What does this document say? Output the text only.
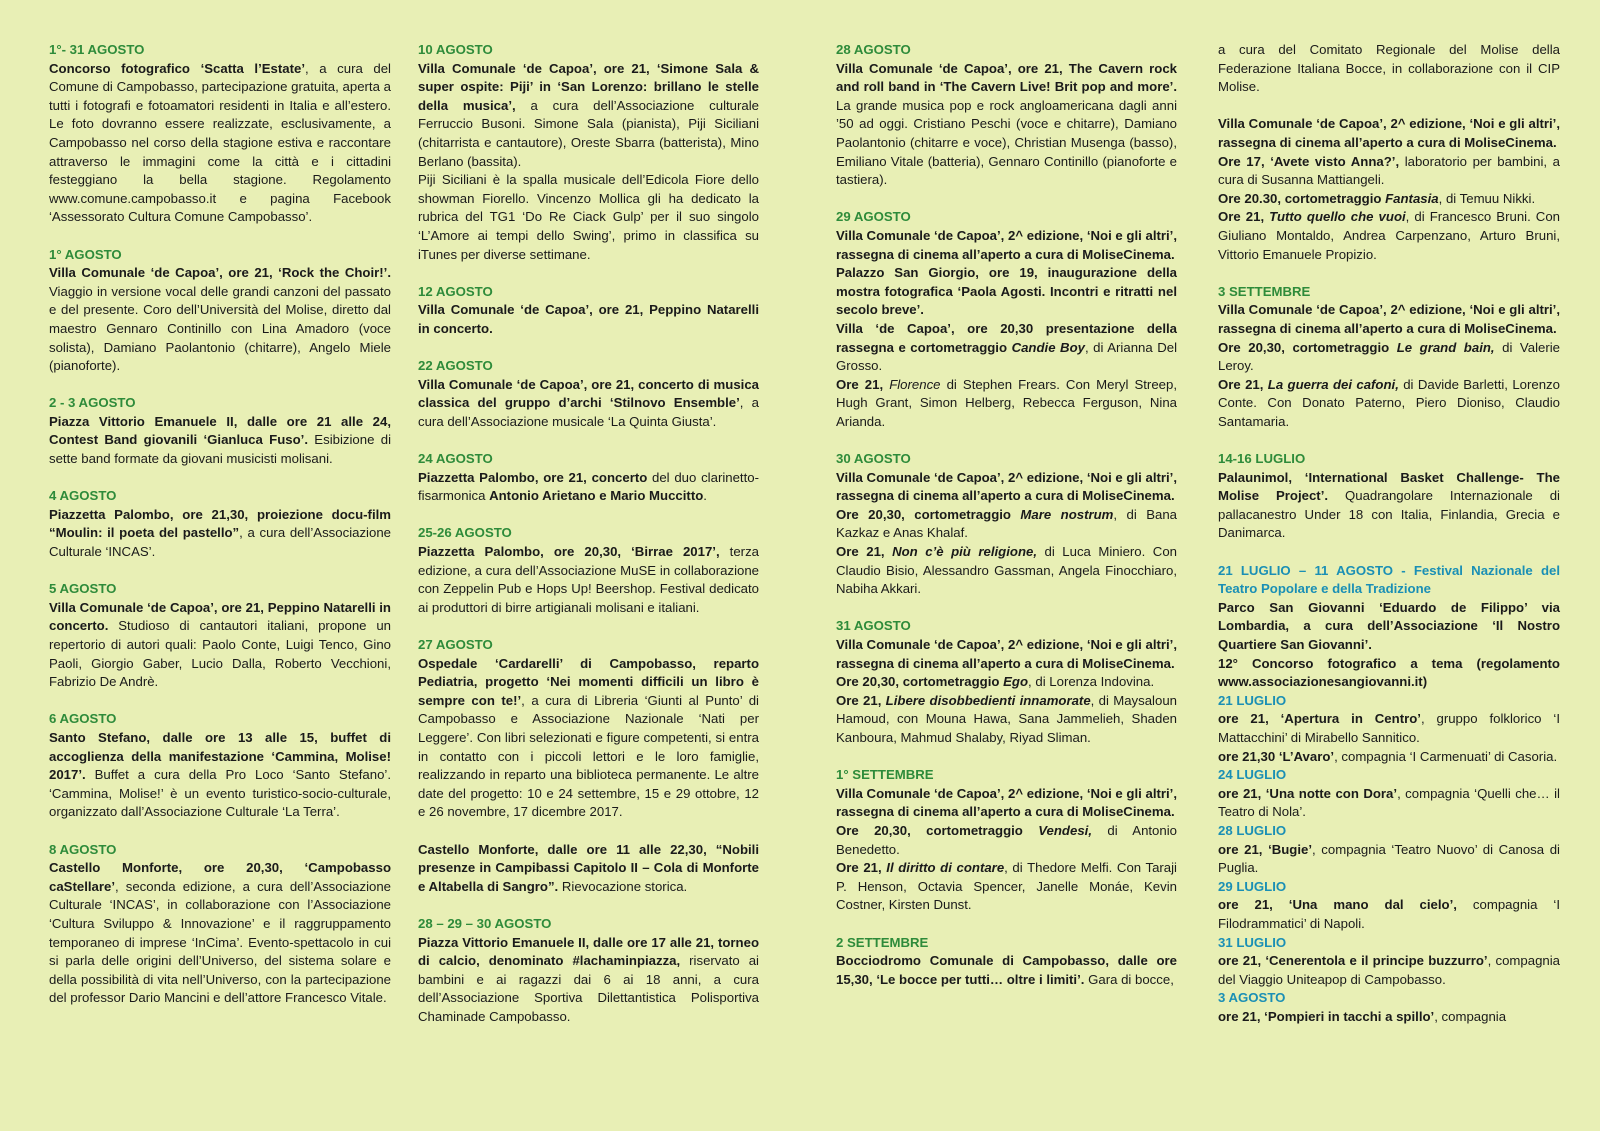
1°- 31 AGOSTO

Concorso fotografico ‘Scatta l’Estate’, a cura del Comune di Campobasso, partecipazione gratuita, aperta a tutti i fotografi e fotoamatori residenti in Italia e all’estero. Le foto dovranno essere realizzate, esclusivamente, a Campobasso nel corso della stagione estiva e raccontare attraverso le immagini come la città e i cittadini festeggiano la bella stagione. Regolamento www.comune.campobasso.it e pagina Facebook ‘Assessorato Cultura Comune Campobasso’.

1° AGOSTO

Villa Comunale ‘de Capoa’, ore 21, ‘Rock the Choir!’. Viaggio in versione vocal delle grandi canzoni del passato e del presente. Coro dell’Università del Molise, diretto dal maestro Gennaro Continillo con Lina Amadoro (voce solista), Damiano Paolantonio (chitarre), Angelo Miele (pianoforte).

2 - 3 AGOSTO

Piazza Vittorio Emanuele II, dalle ore 21 alle 24, Contest Band giovanili ‘Gianluca Fuso’. Esibizione di sette band formate da giovani musicisti molisani.

4 AGOSTO

Piazzetta Palombo, ore 21,30, proiezione docu-film “Moulin: il poeta del pastello”, a cura dell’Associazione Culturale ‘INCAS’.

5 AGOSTO

Villa Comunale ‘de Capoa’, ore 21, Peppino Natarelli in concerto. Studioso di cantautori italiani, propone un repertorio di autori quali: Paolo Conte, Luigi Tenco, Gino Paoli, Giorgio Gaber, Lucio Dalla, Roberto Vecchioni, Fabrizio De Andrè.

6 AGOSTO

Santo Stefano, dalle ore 13 alle 15, buffet di accoglienza della manifestazione ‘Cammina, Molise! 2017’. Buffet a cura della Pro Loco ‘Santo Stefano’. ‘Cammina, Molise!’ è un evento turistico-socio-culturale, organizzato dall’Associazione Culturale ‘La Terra’.

8 AGOSTO

Castello Monforte, ore 20,30, ‘Campobasso caStellare’, seconda edizione, a cura dell’Associazione Culturale ‘INCAS’, in collaborazione con l’Associazione ‘Cultura Sviluppo & Innovazione’ e il raggruppamento temporaneo di imprese ‘InCima’. Evento-spettacolo in cui si parla delle origini dell’Universo, del sistema solare e della possibilità di vita nell’Universo, con la partecipazione del professor Dario Mancini e dell’attore Francesco Vitale.

10 AGOSTO

Villa Comunale ‘de Capoa’, ore 21, ‘Simone Sala & super ospite: Piji’ in ‘San Lorenzo: brillano le stelle della musica’, a cura dell’Associazione culturale Ferruccio Busoni. Simone Sala (pianista), Piji Siciliani (chitarrista e cantautore), Oreste Sbarra (batterista), Mino Berlano (bassita).

Piji Siciliani è la spalla musicale dell’Edicola Fiore dello showman Fiorello. Vincenzo Mollica gli ha dedicato la rubrica del TG1 ‘Do Re Ciack Gulp’ per il suo singolo ‘L’Amore ai tempi dello Swing’, primo in classifica su iTunes per diverse settimane.

12 AGOSTO

Villa Comunale ‘de Capoa’, ore 21, Peppino Natarelli in concerto.

22 AGOSTO

Villa Comunale ‘de Capoa’, ore 21, concerto di musica classica del gruppo d’archi ‘Stilnovo Ensemble’, a cura dell’Associazione musicale ‘La Quinta Giusta’.

24 AGOSTO

Piazzetta Palombo, ore 21, concerto del duo clarinetto-fisarmonica Antonio Arietano e Mario Muccitto.

25-26 AGOSTO

Piazzetta Palombo, ore 20,30, ‘Birrae 2017’, terza edizione, a cura dell’Associazione MuSE in collaborazione con Zeppelin Pub e Hops Up! Beershop. Festival dedicato ai produttori di birre artigianali molisani e italiani.

27 AGOSTO

Ospedale ‘Cardarelli’ di Campobasso, reparto Pediatria, progetto ‘Nei momenti difficili un libro è sempre con te!’, a cura di Libreria ‘Giunti al Punto’ di Campobasso e Associazione Nazionale ‘Nati per Leggere’. Con libri selezionati e figure competenti, si entra in contatto con i piccoli lettori e le loro famiglie, realizzando in reparto una biblioteca permanente. Le altre date del progetto: 10 e 24 settembre, 15 e 29 ottobre, 12 e 26 novembre, 17 dicembre 2017.

Castello Monforte, dalle ore 11 alle 22,30, “Nobili presenze in Campibassi Capitolo II – Cola di Monforte e Altabella di Sangro”. Rievocazione storica.

28 – 29 – 30 AGOSTO

Piazza Vittorio Emanuele II, dalle ore 17 alle 21, torneo di calcio, denominato #lachaminpiazza, riservato ai bambini e ai ragazzi dai 6 ai 18 anni, a cura dell’Associazione Sportiva Dilettantistica Polisportiva Chaminade Campobasso.

28 AGOSTO

Villa Comunale ‘de Capoa’, ore 21, The Cavern rock and roll band in ‘The Cavern Live! Brit pop and more’. La grande musica pop e rock angloamericana dagli anni ’50 ad oggi. Cristiano Peschi (voce e chitarre), Damiano Paolantonio (chitarre e voce), Christian Musenga (basso), Emiliano Vitale (batteria), Gennaro Continillo (pianoforte e tastiera).

29 AGOSTO

Villa Comunale ‘de Capoa’, 2^ edizione, ‘Noi e gli altri’, rassegna di cinema all’aperto a cura di MoliseCinema.

Palazzo San Giorgio, ore 19, inaugurazione della mostra fotografica ‘Paola Agosti. Incontri e ritratti nel secolo breve’.

Villa ‘de Capoa’, ore 20,30 presentazione della rassegna e cortometraggio Candie Boy, di Arianna Del Grosso.

Ore 21, Florence di Stephen Frears. Con Meryl Streep, Hugh Grant, Simon Helberg, Rebecca Ferguson, Nina Arianda.

30 AGOSTO

Villa Comunale ‘de Capoa’, 2^ edizione, ‘Noi e gli altri’, rassegna di cinema all’aperto a cura di MoliseCinema.

Ore 20,30, cortometraggio Mare nostrum, di Bana Kazkaz e Anas Khalaf.

Ore 21, Non c’è più religione, di Luca Miniero. Con Claudio Bisio, Alessandro Gassman, Angela Finocchiaro, Nabiha Akkari.

31 AGOSTO

Villa Comunale ‘de Capoa’, 2^ edizione, ‘Noi e gli altri’, rassegna di cinema all’aperto a cura di MoliseCinema.

Ore 20,30, cortometraggio Ego, di Lorenza Indovina.

Ore 21, Libere disobbedienti innamorate, di Maysaloun Hamoud, con Mouna Hawa, Sana Jammelieh, Shaden Kanboura, Mahmud Shalaby, Riyad Sliman.

1° SETTEMBRE

Villa Comunale ‘de Capoa’, 2^ edizione, ‘Noi e gli altri’, rassegna di cinema all’aperto a cura di MoliseCinema.

Ore 20,30, cortometraggio Vendesi, di Antonio Benedetto.

Ore 21, Il diritto di contare, di Thedore Melfi. Con Taraji P. Henson, Octavia Spencer, Janelle Monáe, Kevin Costner, Kirsten Dunst.

2 SETTEMBRE

Bocciodromo Comunale di Campobasso, dalle ore 15,30, ‘Le bocce per tutti… oltre i limiti’. Gara di bocce,

a cura del Comitato Regionale del Molise della Federazione Italiana Bocce, in collaborazione con il CIP Molise.

Villa Comunale ‘de Capoa’, 2^ edizione, ‘Noi e gli altri’, rassegna di cinema all’aperto a cura di MoliseCinema.

Ore 17, ‘Avete visto Anna?’, laboratorio per bambini, a cura di Susanna Mattiangeli.

Ore 20.30, cortometraggio Fantasia, di Temuu Nikki.

Ore 21, Tutto quello che vuoi, di Francesco Bruni. Con Giuliano Montaldo, Andrea Carpenzano, Arturo Bruni, Vittorio Emanuele Propizio.

3 SETTEMBRE

Villa Comunale ‘de Capoa’, 2^ edizione, ‘Noi e gli altri’, rassegna di cinema all’aperto a cura di MoliseCinema.

Ore 20,30, cortometraggio Le grand bain, di Valerie Leroy.

Ore 21, La guerra dei cafoni, di Davide Barletti, Lorenzo Conte. Con Donato Paterno, Piero Dioniso, Claudio Santamaria.

14-16 LUGLIO

Palaunimol, ‘International Basket Challenge- The Molise Project’. Quadrangolare Internazionale di pallacanestro Under 18 con Italia, Finlandia, Grecia e Danimarca.

21 LUGLIO – 11 AGOSTO - Festival Nazionale del Teatro Popolare e della Tradizione

Parco San Giovanni ‘Eduardo de Filippo’ via Lombardia, a cura dell’Associazione ‘Il Nostro Quartiere San Giovanni’.

12° Concorso fotografico a tema (regolamento www.associazionesangiovanni.it)

21 LUGLIO

ore 21, ‘Apertura in Centro’, gruppo folklorico ‘I Mattacchini’ di Mirabello Sannitico.

ore 21,30 ‘L’Avaro’, compagnia ‘I Carmenuati’ di Casoria.

24 LUGLIO

ore 21, ‘Una notte con Dora’, compagnia ‘Quelli che… il Teatro di Nola’.

28 LUGLIO

ore 21, ‘Bugie’, compagnia ‘Teatro Nuovo’ di Canosa di Puglia.

29 LUGLIO

ore 21, ‘Una mano dal cielo’, compagnia ‘I Filodrammatici’ di Napoli.

31 LUGLIO

ore 21, ‘Cenerentola e il principe buzzurro’, compagnia del Viaggio Uniteapop di Campobasso.

3 AGOSTO

ore 21, ‘Pompieri in tacchi a spillo’, compagnia
